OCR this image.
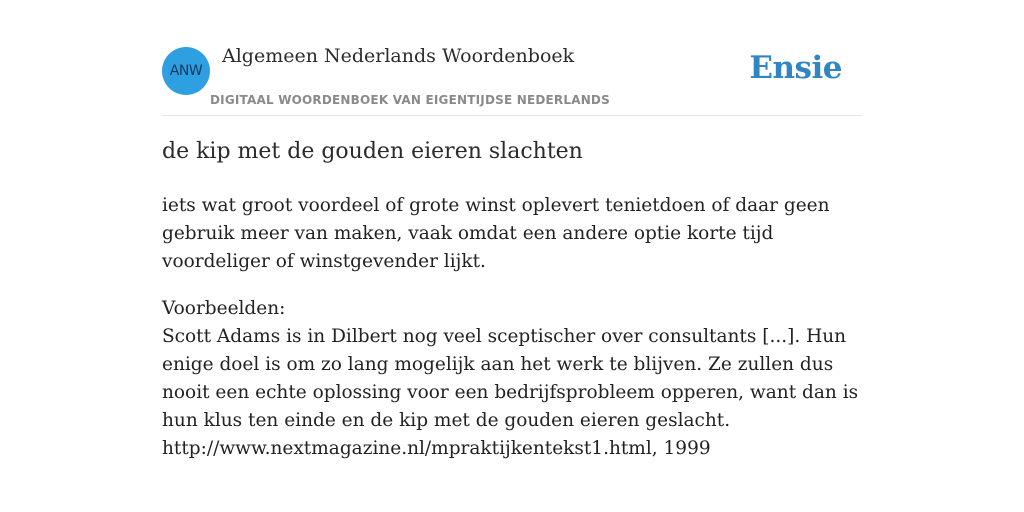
ANW
Algemeen Nederlands Woordenboek
DIGITAAL WOORDENBOEK VAN EIGENTIJDSE NEDERLANDS
Ensie
de kip met de gouden eieren slachten
iets wat groot voordeel of grote winst oplevert tenietdoen of daar geen gebruik meer van maken, vaak omdat een andere optie korte tijd voordeliger of winstgevender lijkt.
Voorbeelden:
Scott Adams is in Dilbert nog veel sceptischer over consultants [...]. Hun enige doel is om zo lang mogelijk aan het werk te blijven. Ze zullen dus nooit een echte oplossing voor een bedrijfsprobleem opperen, want dan is hun klus ten einde en de kip met de gouden eieren geslacht.
http://www.nextmagazine.nl/mpraktijkentekst1.html, 1999
